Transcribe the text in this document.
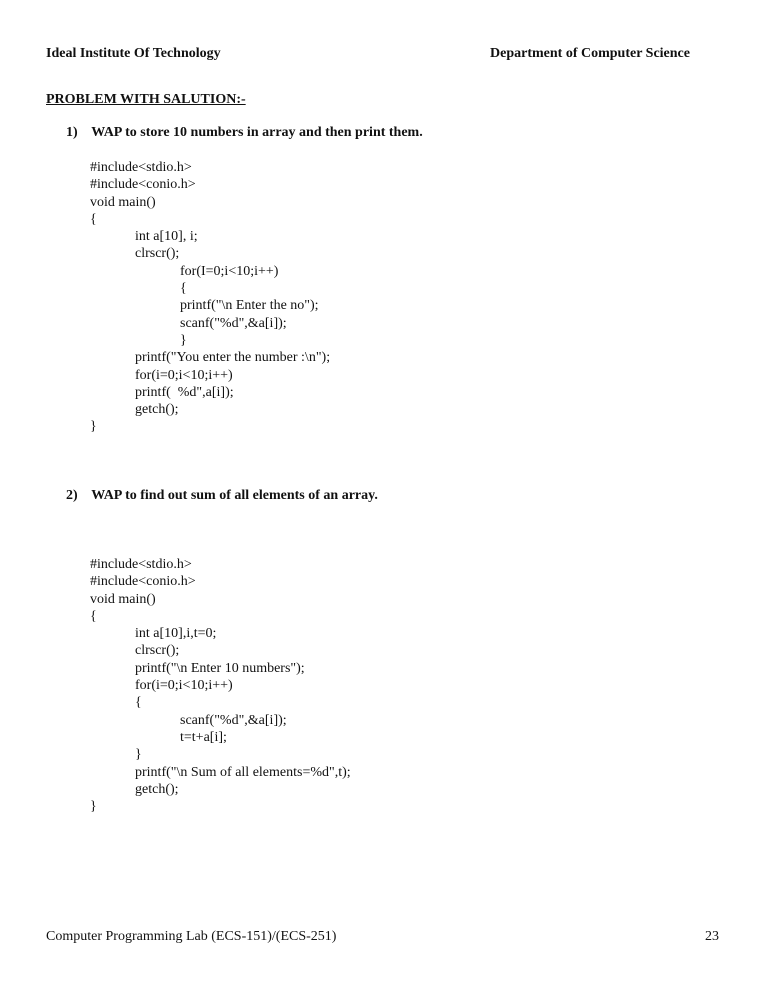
Ideal Institute Of Technology	Department of Computer Science
PROBLEM WITH SALUTION:-
1) WAP to store 10 numbers in array and then print them.
#include<stdio.h>
#include<conio.h>
void main()
{
int a[10], i;
clrscr();
for(I=0;i<10;i++)
{
printf("\n Enter the no");
scanf("%d",&a[i]);
}
printf("You enter the number :\n");
for(i=0;i<10;i++)
printf(  %d",a[i]);
getch();
}
2) WAP to find out sum of all elements of an array.
#include<stdio.h>
#include<conio.h>
void main()
{
int a[10],i,t=0;
clrscr();
printf("\n Enter 10 numbers");
for(i=0;i<10;i++)
{
scanf("%d",&a[i]);
t=t+a[i];
}
printf("\n Sum of all elements=%d",t);
getch();
}
Computer Programming Lab (ECS-151)/(ECS-251)	23
